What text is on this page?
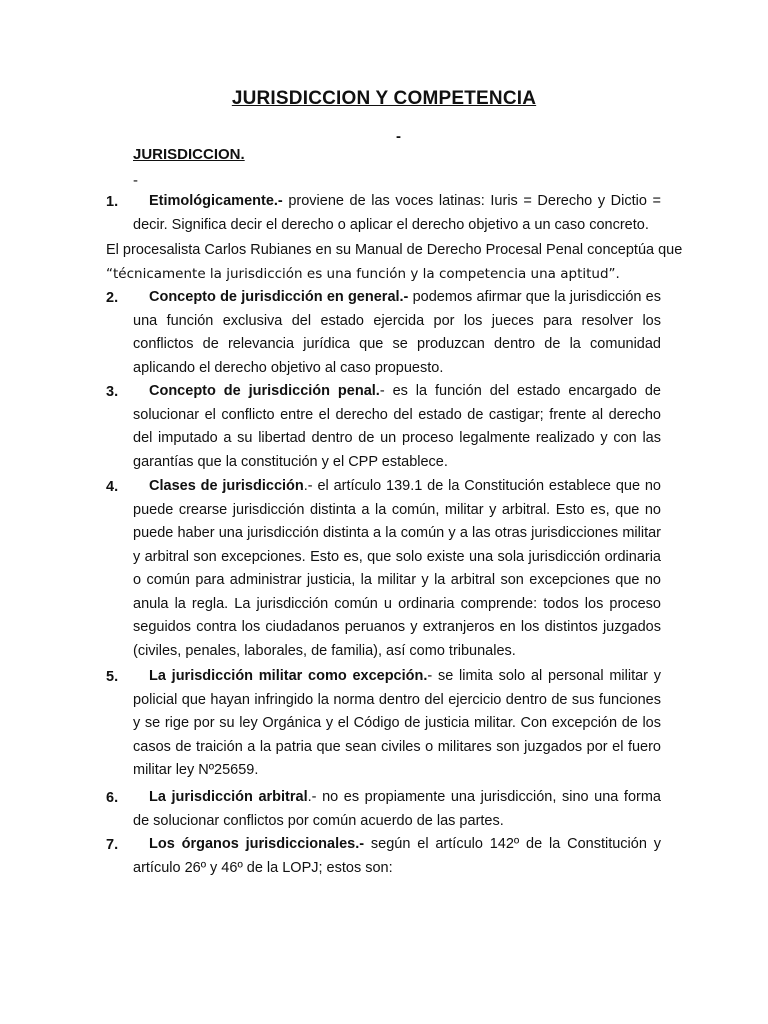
JURISDICCION Y COMPETENCIA
-
JURISDICCION.
-
1.	Etimológicamente.- proviene de las voces latinas: Iuris = Derecho y Dictio = decir. Significa decir el derecho o aplicar el derecho objetivo a un caso concreto.
El procesalista Carlos Rubianes en su Manual de Derecho Procesal Penal conceptúa que
“técnicamente la jurisdicción es una función y la competencia una aptitud”.
2.	Concepto de jurisdicción en general.- podemos afirmar que la jurisdicción es una función exclusiva del estado ejercida por los jueces para resolver los conflictos de relevancia jurídica que se produzcan dentro de la comunidad aplicando el derecho objetivo al caso propuesto.
3.	Concepto de jurisdicción penal.- es la función del estado encargado de solucionar el conflicto entre el derecho del estado de castigar; frente al derecho del imputado a su libertad dentro de un proceso legalmente realizado y con las garantías que la constitución y el CPP establece.
4.	Clases de jurisdicción.- el artículo 139.1 de la Constitución establece que no puede crearse jurisdicción distinta a la común, militar y arbitral. Esto es, que no puede haber una jurisdicción distinta a la común y a las otras jurisdicciones militar y arbitral son excepciones. Esto es, que solo existe una sola jurisdicción ordinaria o común para administrar justicia, la militar y la arbitral son excepciones que no anula la regla. La jurisdicción común u ordinaria comprende: todos los proceso seguidos contra los ciudadanos peruanos y extranjeros en los distintos juzgados (civiles, penales, laborales, de familia), así como tribunales.
5.	La jurisdicción militar como excepción.- se limita solo al personal militar y policial que hayan infringido la norma dentro del ejercicio dentro de sus funciones y se rige por su ley Orgánica y el Código de justicia militar. Con excepción de los casos de traición a la patria que sean civiles o militares son juzgados por el fuero militar ley Nº25659.
6.	La jurisdicción arbitral.- no es propiamente una jurisdicción, sino una forma de solucionar conflictos por común acuerdo de las partes.
7.	Los órganos jurisdiccionales.- según el artículo 142º de la Constitución y artículo 26º y 46º de la LOPJ; estos son:
